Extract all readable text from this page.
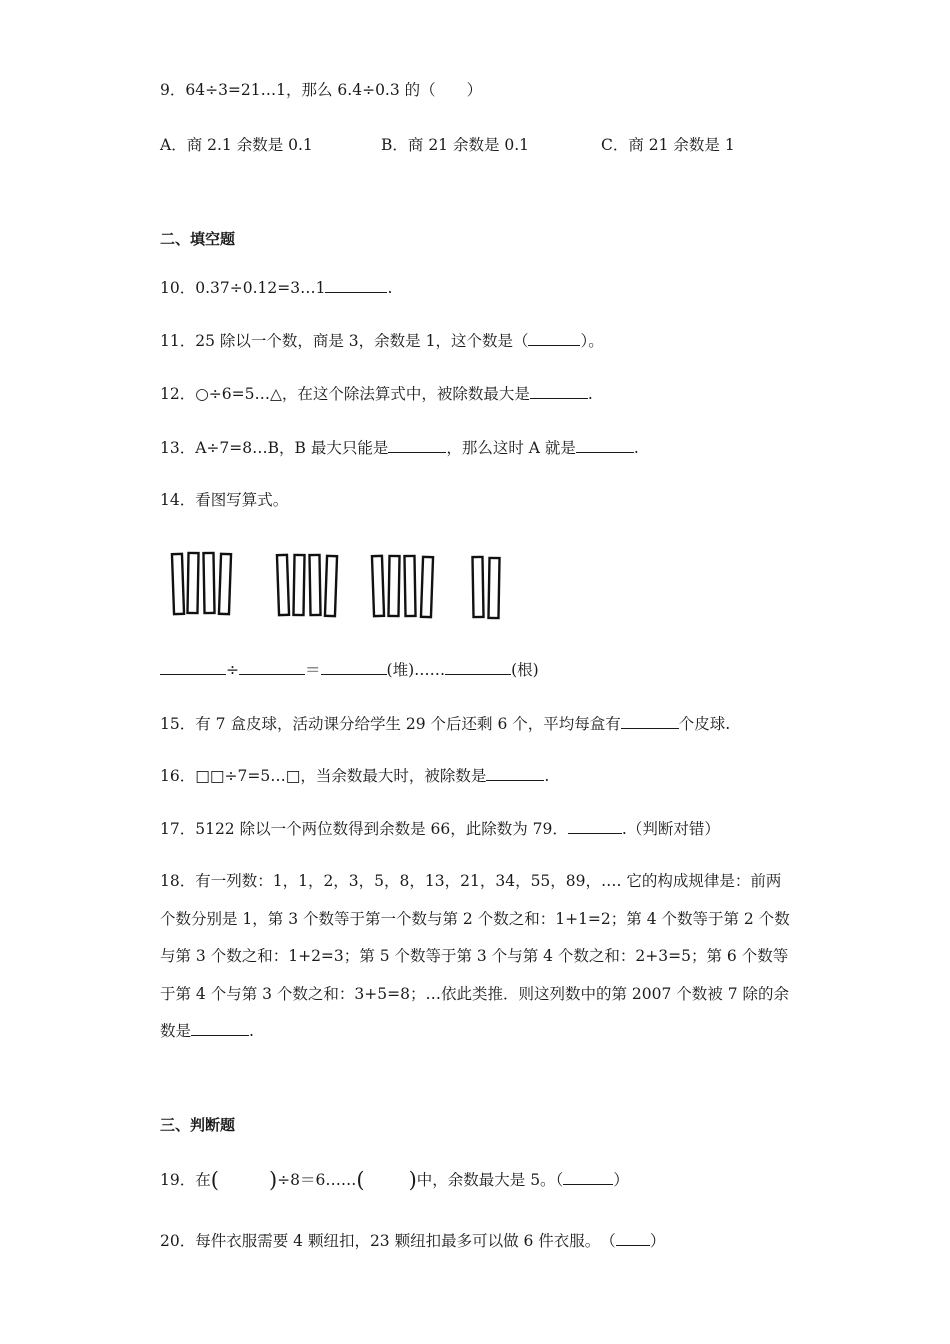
9．64÷3=21…1，那么 6.4÷0.3 的（　　）
A．商 2.1 余数是 0.1	B．商 21 余数是 0.1	C．商 21 余数是 1
二、填空题
10．0.37÷0.12=3…1	.
11．25 除以一个数，商是 3，余数是 1，这个数是（	）。
12．○÷6=5…△，在这个除法算式中，被除数最大是	.
13．A÷7=8…B，B 最大只能是	，那么这时 A 就是	.
14．看图写算式。
÷	＝	(堆)……	(根)
15．有 7 盒皮球，活动课分给学生 29 个后还剩 6 个，平均每盒有	个皮球.
16．□□÷7=5…□，当余数最大时，被除数是	.
17．5122 除以一个两位数得到余数是 66，此除数为 79．	.（判断对错）
18．有一列数：1，1，2，3，5，8，13，21，34，55，89，…. 它的构成规律是：前两个数分别是 1，第 3 个数等于第一个数与第 2 个数之和：1+1=2；第 4 个数等于第 2 个数与第 3 个数之和：1+2=3；第 5 个数等于第 3 个与第 4 个数之和：2+3=5；第 6 个数等于第 4 个与第 3 个数之和：3+5=8；…依此类推．则这列数中的第 2007 个数被 7 除的余数是	.
三、判断题
19．在( )÷8＝6……( )中，余数最大是 5。（	）
20．每件衣服需要 4 颗纽扣，23 颗纽扣最多可以做 6 件衣服。　（ ）
